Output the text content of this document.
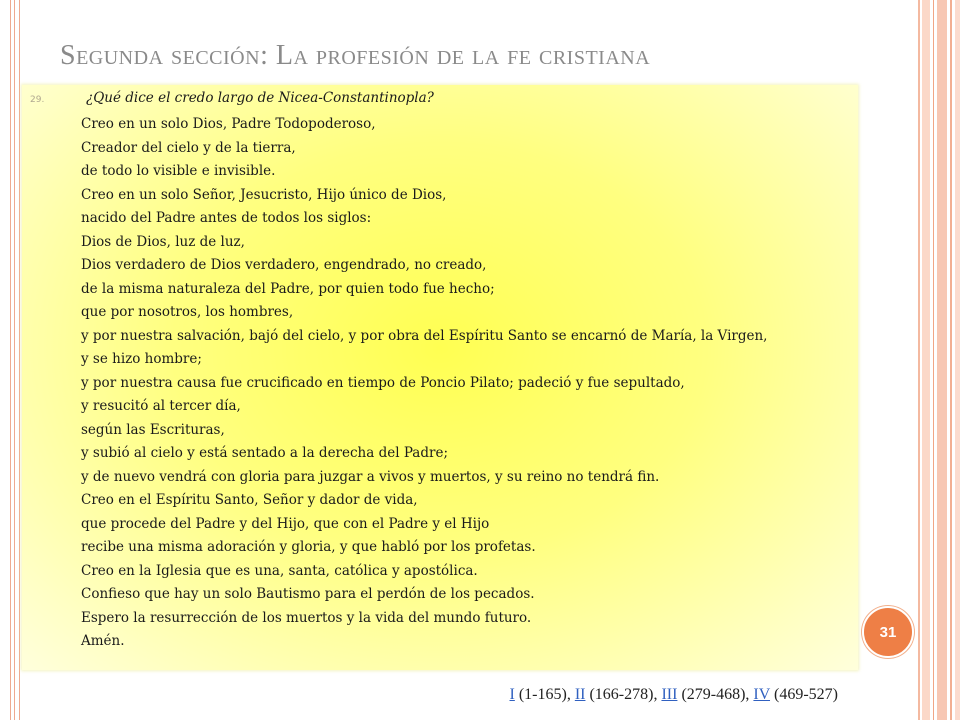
Segunda sección: La profesión de la fe cristiana
29.	¿Qué dice el credo largo de Nicea-Constantinopla?
Creo en un solo Dios, Padre Todopoderoso,
Creador del cielo y de la tierra,
de todo lo visible e invisible.
Creo en un solo Señor, Jesucristo, Hijo único de Dios,
nacido del Padre antes de todos los siglos:
Dios de Dios, luz de luz,
Dios verdadero de Dios verdadero, engendrado, no creado,
de la misma naturaleza del Padre, por quien todo fue hecho;
que por nosotros, los hombres,
y por nuestra salvación, bajó del cielo, y por obra del Espíritu Santo se encarnó de María, la Virgen,
y se hizo hombre;
y por nuestra causa fue crucificado en tiempo de Poncio Pilato; padeció y fue sepultado,
y resucitó al tercer día,
según las Escrituras,
y subió al cielo y está sentado a la derecha del Padre;
y de nuevo vendrá con gloria para juzgar a vivos y muertos, y su reino no tendrá fin.
Creo en el Espíritu Santo, Señor y dador de vida,
que procede del Padre y del Hijo, que con el Padre y el Hijo
recibe una misma adoración y gloria, y que habló por los profetas.
Creo en la Iglesia que es una, santa, católica y apostólica.
Confieso que hay un solo Bautismo para el perdón de los pecados.
Espero la resurrección de los muertos y la vida del mundo futuro.
Amén.
31
I (1-165), II (166-278), III (279-468), IV (469-527)
